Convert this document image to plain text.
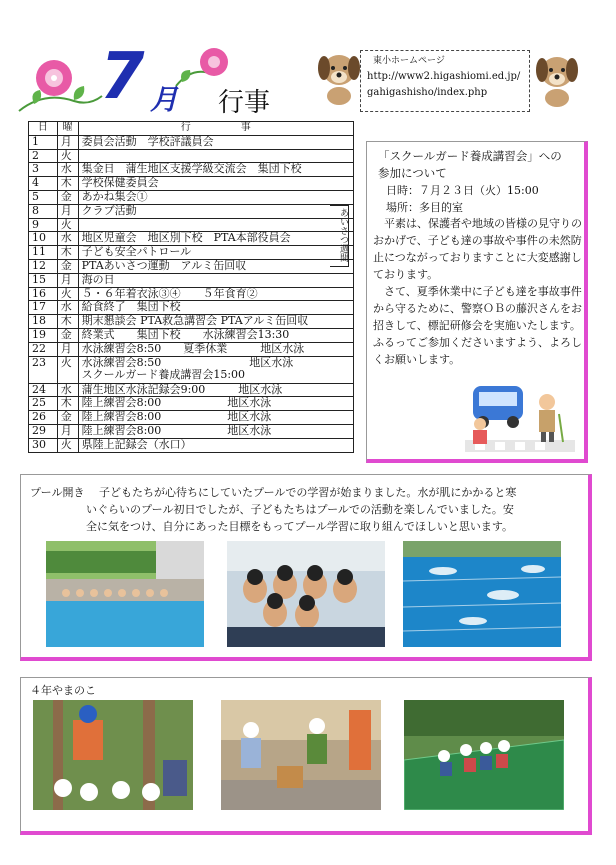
7 月 行事
東小ホームページ
http://www2.higashiomi.ed.jp/
gahigashisho/index.php
日	曜	行　　　　　事
1	月	委員会活動　学校評議員会
2	火	
3	水	集金日　蒲生地区支援学級交流会　集団下校
4	木	学校保健委員会
5	金	あかね集会①
8	月	クラブ活動
9	火	
10	水	地区児童会　地区別下校　PTA本部役員会
11	木	子ども安全パトロール
12	金	PTAあいさつ運動　アルミ缶回収
15	月	海の日
16	火	５・６年着衣泳③④　　５年食育②
17	水	給食終了　集団下校
18	木	期末懇談会 PTA救急講習会 PTAアルミ缶回収
19	金	終業式　　集団下校　　水泳練習会13:30
22	月	水泳練習会8:50　　夏季休業　　　地区水泳
23	火	水泳練習会8:50　　　　　　　　地区水泳
スクールガード養成講習会15:00

24	水	蒲生地区水泳記録会9:00　　　地区水泳
25	木	陸上練習会8:00　　　　　　地区水泳
26	金	陸上練習会8:00　　　　　　地区水泳
29	月	陸上練習会8:00　　　　　　地区水泳
30	火	県陸上記録会（水口）
あいさつ週間
「スクールガード養成講習会」への
参加について
日時：７月２３日（火）15:00
場所：多目的室

平素は、保護者や地域の皆様の見守りのおかげで、子ども達の事故や事件の未然防止につながっておりますことに大変感謝しております。

さて、夏季休業中に子ども達を事故事件から守るために、警察ＯＢの藤沢さんをお招きして、標記研修会を実施いたします。ふるってご参加くださいますよう、よろしくお願いします。

プール開き　 子どもたちが心待ちにしていたプールでの学習が始まりました。水が肌にかかると寒
いぐらいのプール初日でしたが、子どもたちはプールでの活動を楽しんでいました。安
全に気をつけ、自分にあった目標をもってプール学習に取り組んでほしいと思います。
４年やまのこ
